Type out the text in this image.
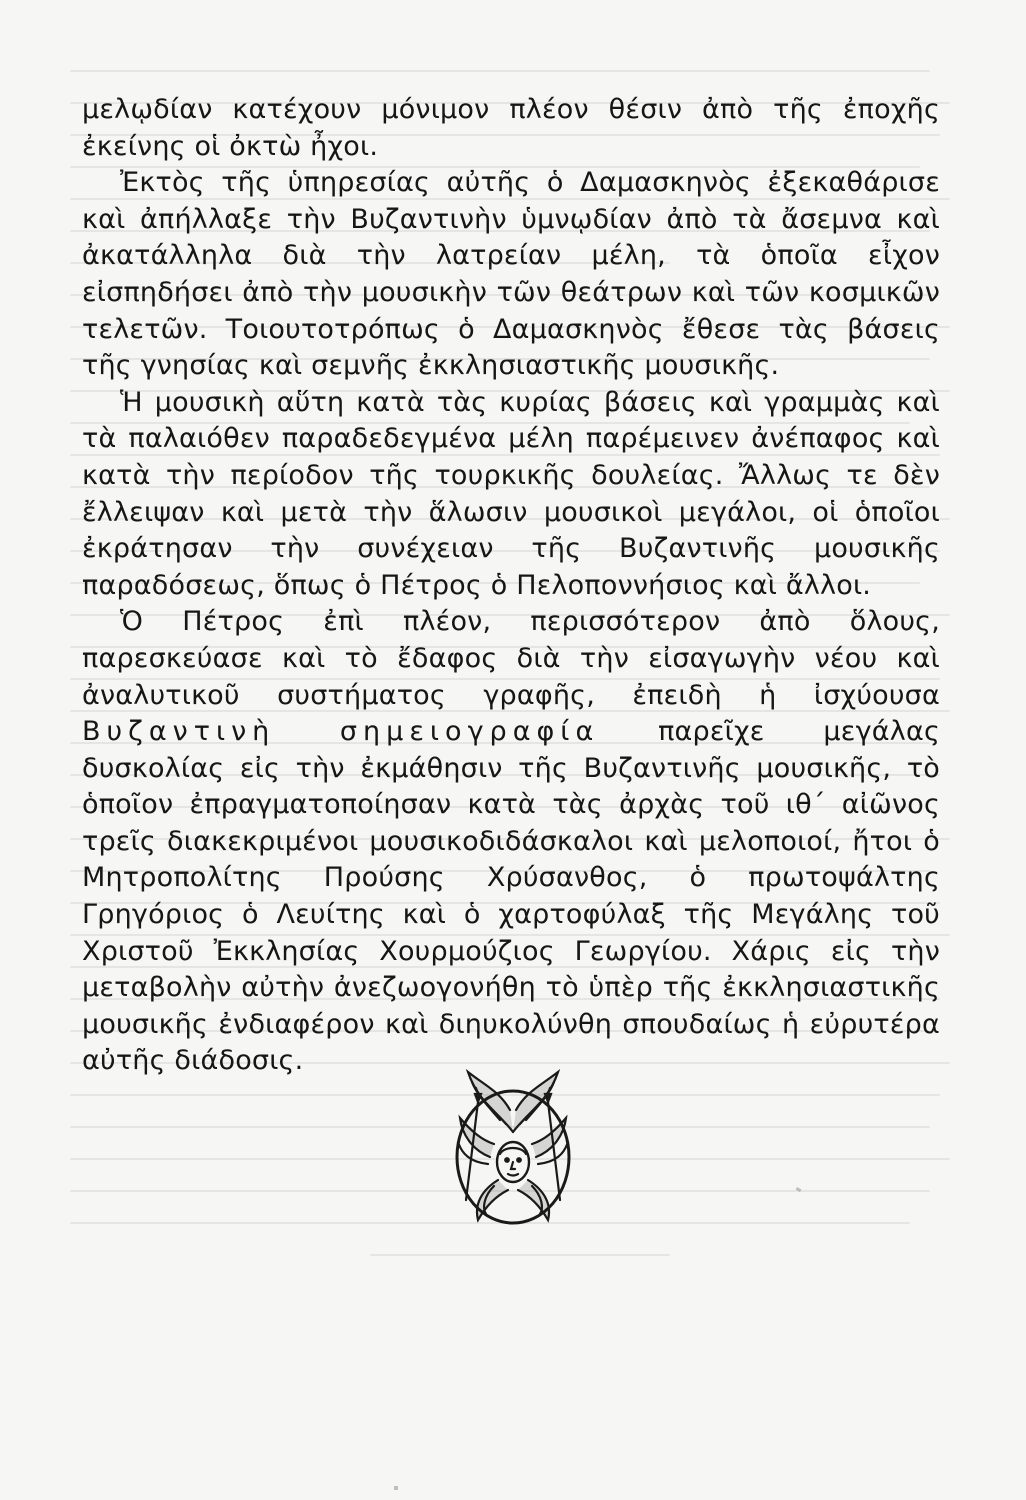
μελῳδίαν κατέχουν μόνιμον πλέον θέσιν ἀπὸ τῆς ἐποχῆς ἐκείνης οἱ ὀκτὼ ἦχοι.

Ἐκτὸς τῆς ὑπηρεσίας αὐτῆς ὁ Δαμασκηνὸς ἐξεκαθάρισε καὶ ἀπήλλαξε τὴν Βυζαντινὴν ὑμνῳδίαν ἀπὸ τὰ ἄσεμνα καὶ ἀκατάλληλα διὰ τὴν λατρείαν μέλη, τὰ ὁποῖα εἶχον εἰσπηδήσει ἀπὸ τὴν μουσικὴν τῶν θεάτρων καὶ τῶν κοσμικῶν τελετῶν. Τοιουτοτρόπως ὁ Δαμασκηνὸς ἔθεσε τὰς βάσεις τῆς γνησίας καὶ σεμνῆς ἐκκλησιαστικῆς μουσικῆς.

Ἡ μουσικὴ αὕτη κατὰ τὰς κυρίας βάσεις καὶ γραμμὰς καὶ τὰ παλαιόθεν παραδεδεγμένα μέλη παρέμεινεν ἀνέπαφος καὶ κατὰ τὴν περίοδον τῆς τουρκικῆς δουλείας. Ἄλλως τε δὲν ἔλλειψαν καὶ μετὰ τὴν ἅλωσιν μουσικοὶ μεγάλοι, οἱ ὁποῖοι ἐκράτησαν τὴν συνέχειαν τῆς Βυζαντινῆς μουσικῆς παραδόσεως, ὅπως ὁ Πέτρος ὁ Πελοποννήσιος καὶ ἄλλοι.

Ὁ Πέτρος ἐπὶ πλέον, περισσότερον ἀπὸ ὅλους, παρεσκεύασε καὶ τὸ ἔδαφος διὰ τὴν εἰσαγωγὴν νέου καὶ ἀναλυτικοῦ συστήματος γραφῆς, ἐπειδὴ ἡ ἰσχύουσα Βυζαντινὴ σημειογραφία παρεῖχε μεγάλας δυσκολίας εἰς τὴν ἐκμάθησιν τῆς Βυζαντινῆς μουσικῆς, τὸ ὁποῖον ἐπραγματοποίησαν κατὰ τὰς ἀρχὰς τοῦ ιθ΄ αἰῶνος τρεῖς διακεκριμένοι μουσικοδιδάσκαλοι καὶ μελοποιοί, ἤτοι ὁ Μητροπολίτης Προύσης Χρύσανθος, ὁ πρωτοψάλτης Γρηγόριος ὁ Λευίτης καὶ ὁ χαρτοφύλαξ τῆς Μεγάλης τοῦ Χριστοῦ Ἐκκλησίας Χουρμούζιος Γεωργίου. Χάρις εἰς τὴν μεταβολὴν αὐτὴν ἀνεζωογονήθη τὸ ὑπὲρ τῆς ἐκκλησιαστικῆς μουσικῆς ἐνδιαφέρον καὶ διηυκολύνθη σπουδαίως ἡ εὐρυτέρα αὐτῆς διάδοσις.
